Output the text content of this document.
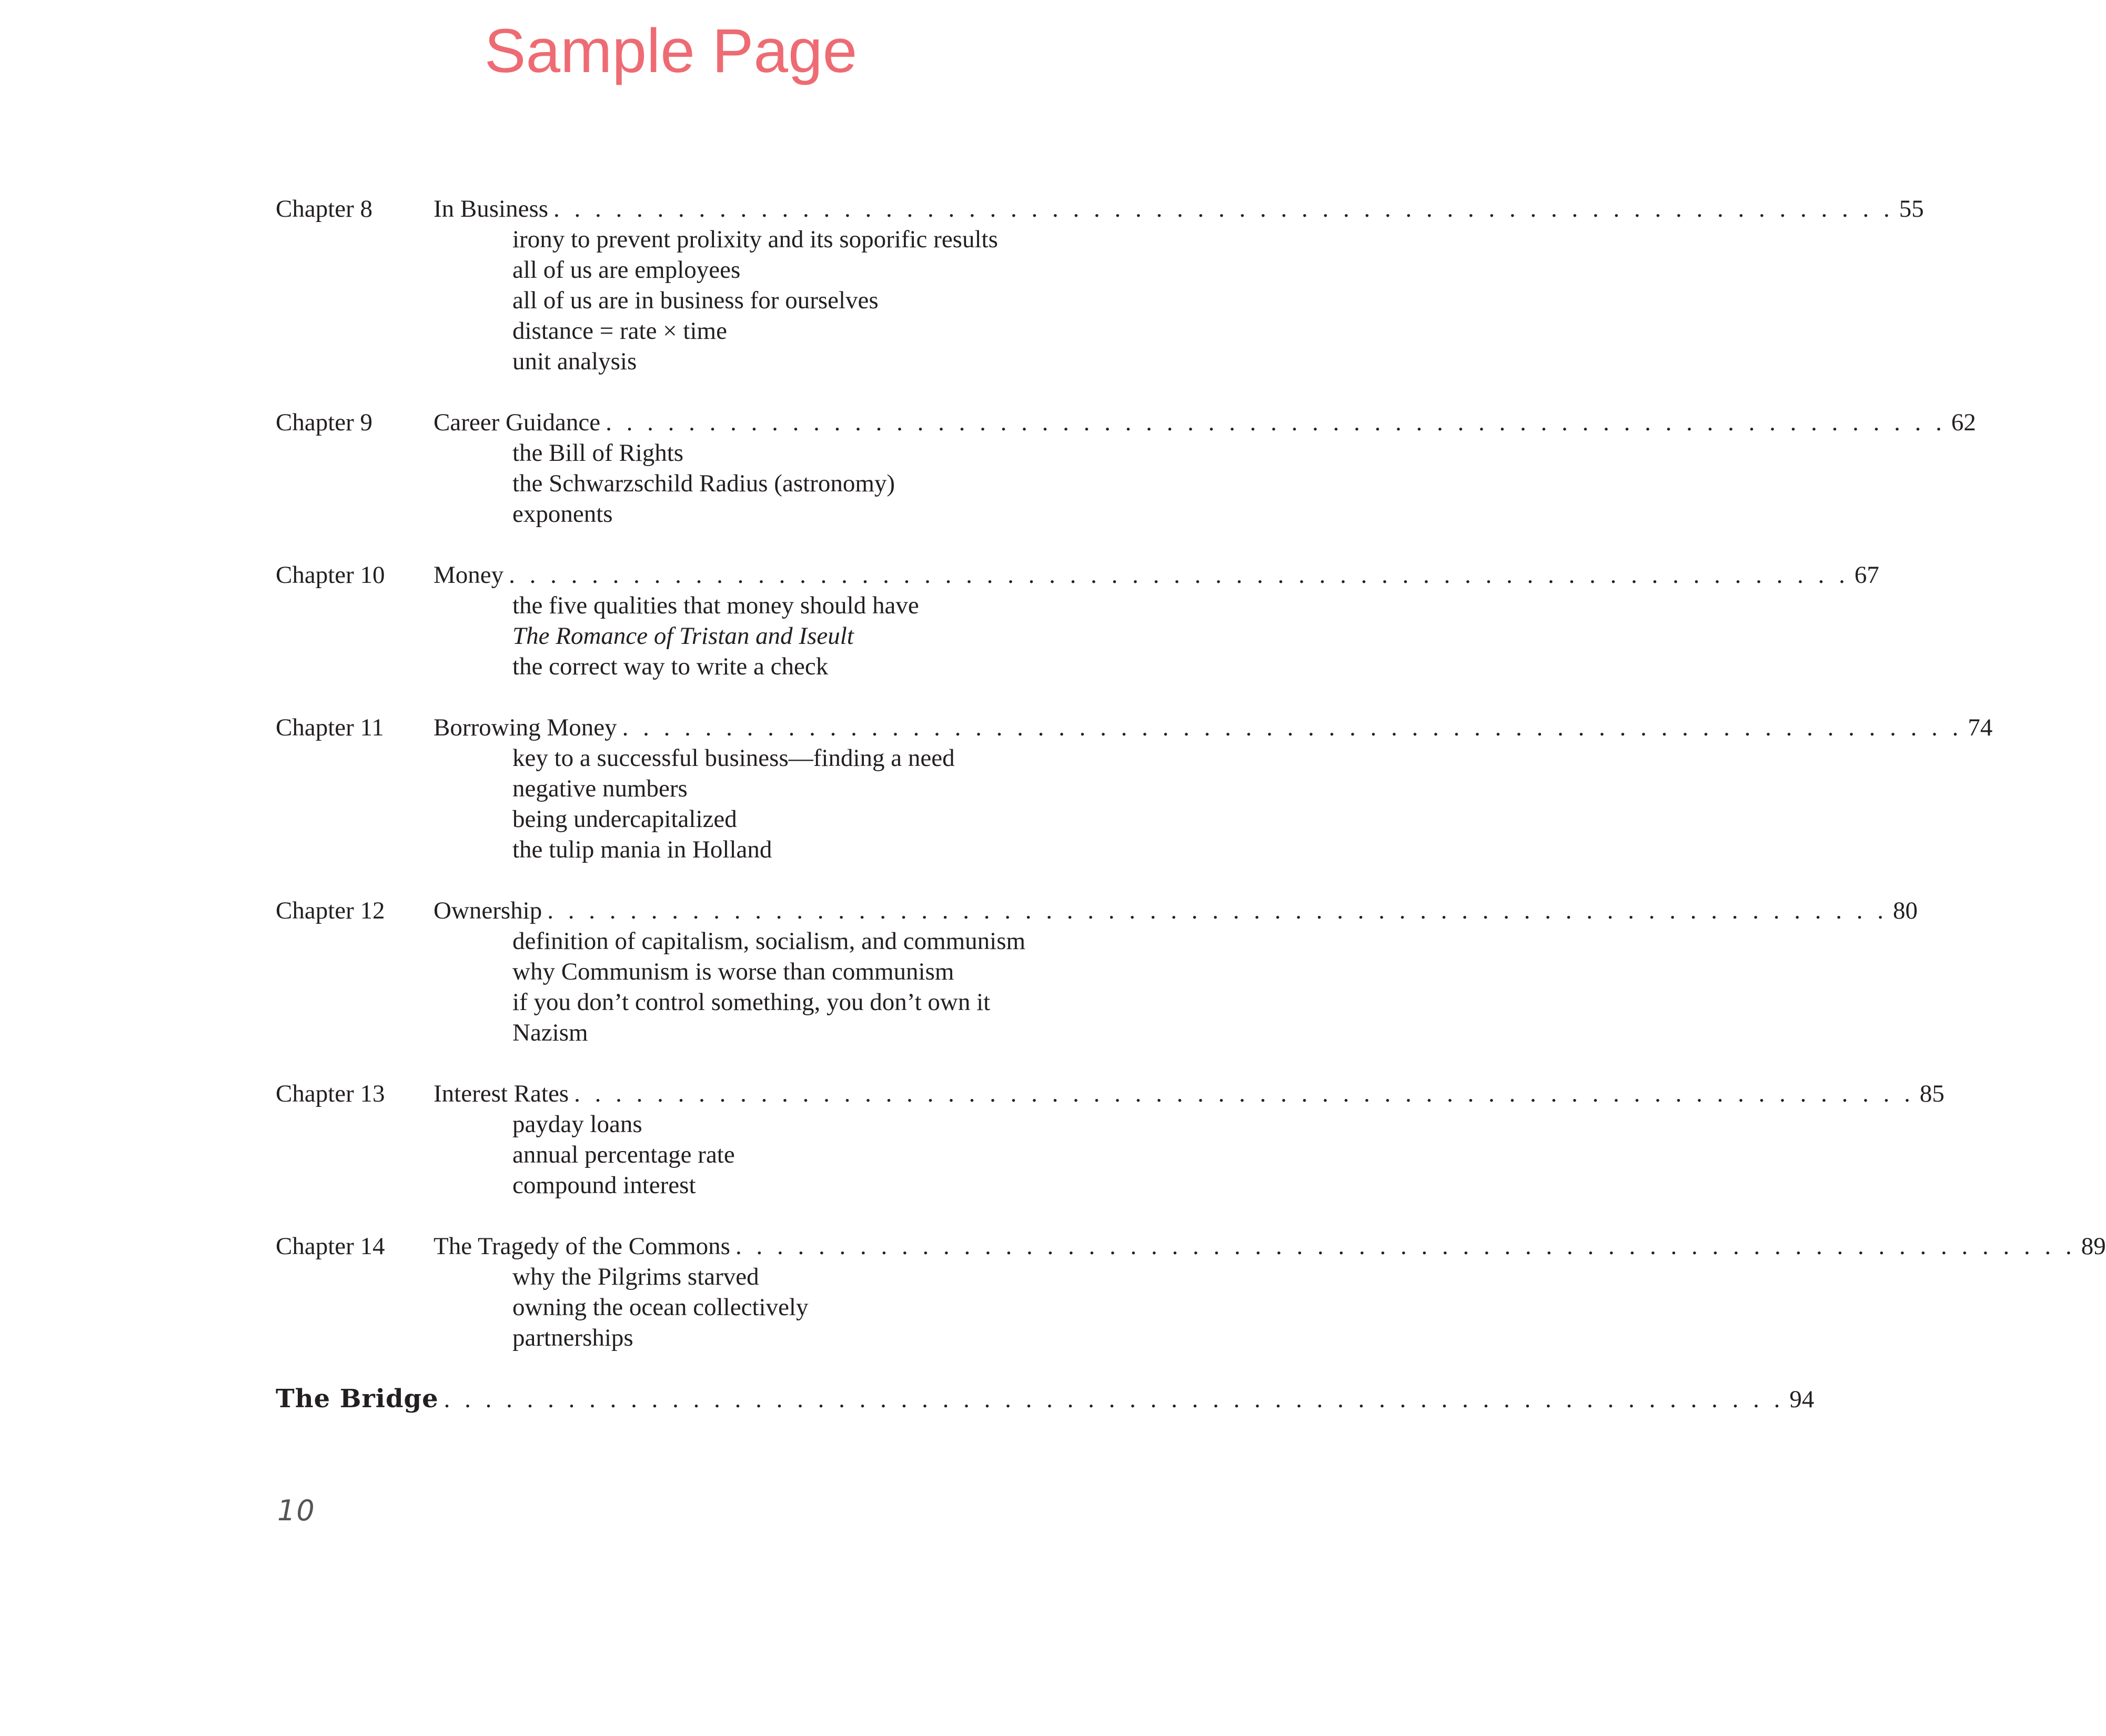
Sample Page
Chapter 8	In Business . . . . . . . . . . . . . . . . . . . . . . . . . . . . . . . . . . . . . . . . . . . . . . . . . . . . . . . . . . . . . . . . . 55
irony to prevent prolixity and its soporific results
all of us are employees
all of us are in business for ourselves
distance = rate × time
unit analysis
Chapter 9	Career Guidance . . . . . . . . . . . . . . . . . . . . . . . . . . . . . . . . . . . . . . . . . . . . . . . . . . . . . . . . . . . . . . . . . 62
the Bill of Rights
the Schwarzschild Radius (astronomy)
exponents
Chapter 10	Money . . . . . . . . . . . . . . . . . . . . . . . . . . . . . . . . . . . . . . . . . . . . . . . . . . . . . . . . . . . . . . . . . 67
the five qualities that money should have
The Romance of Tristan and Iseult
the correct way to write a check
Chapter 11	Borrowing Money . . . . . . . . . . . . . . . . . . . . . . . . . . . . . . . . . . . . . . . . . . . . . . . . . . . . . . . . . . . . . . . . . 74
key to a successful business—finding a need
negative numbers
being undercapitalized
the tulip mania in Holland
Chapter 12	Ownership . . . . . . . . . . . . . . . . . . . . . . . . . . . . . . . . . . . . . . . . . . . . . . . . . . . . . . . . . . . . . . . . . 80
definition of capitalism, socialism, and communism
why Communism is worse than communism
if you don’t control something, you don’t own it
Nazism
Chapter 13	Interest Rates . . . . . . . . . . . . . . . . . . . . . . . . . . . . . . . . . . . . . . . . . . . . . . . . . . . . . . . . . . . . . . . . . 85
payday loans
annual percentage rate
compound interest
Chapter 14	The Tragedy of the Commons . . . . . . . . . . . . . . . . . . . . . . . . . . . . . . . . . . . . . . . . . . . . . . . . . . . . . . . . . . . . . . . . . 89
why the Pilgrims starved
owning the ocean collectively
partnerships
The Bridge . . . . . . . . . . . . . . . . . . . . . . . . . . . . . . . . . . . . . . . . . . . . . . . . . . . . . . . . . . . . . . . . . 94
10
